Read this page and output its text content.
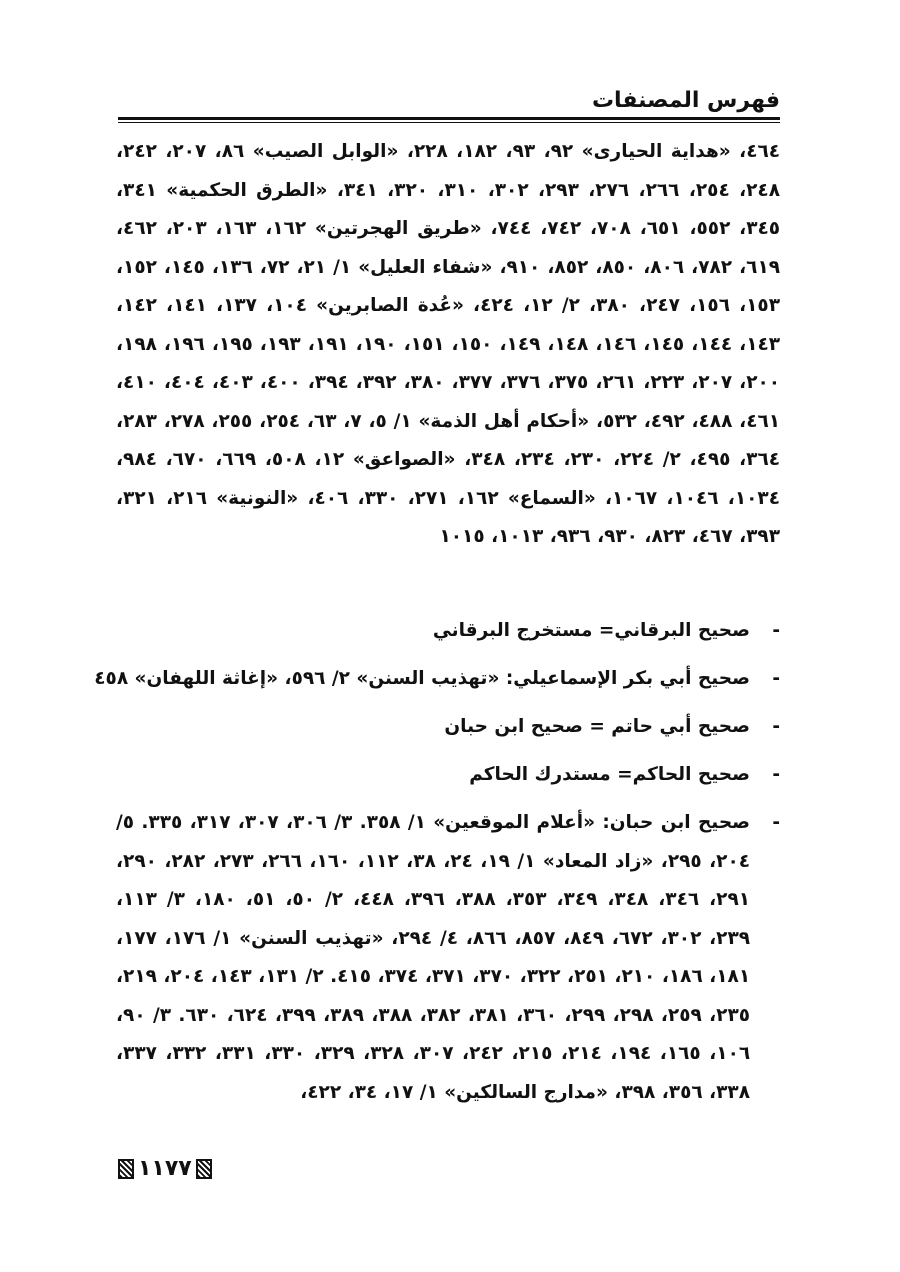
فهرس المصنفات
٤٦٤، «هداية الحيارى» ٩٢، ٩٣، ١٨٢، ٢٢٨، «الوابل الصيب» ٨٦، ٢٠٧، ٢٤٢، ٢٤٨، ٢٥٤، ٢٦٦، ٢٧٦، ٢٩٣، ٣٠٢، ٣١٠، ٣٢٠، ٣٤١، «الطرق الحكمية» ٣٤١، ٣٤٥، ٥٥٢، ٦٥١، ٧٠٨، ٧٤٢، ٧٤٤، «طريق الهجرتين» ١٦٢، ١٦٣، ٢٠٣، ٤٦٢، ٦١٩، ٧٨٢، ٨٠٦، ٨٥٠، ٨٥٢، ٩١٠، «شفاء العليل» ١/ ٢١، ٧٢، ١٣٦، ١٤٥، ١٥٢، ١٥٣، ١٥٦، ٢٤٧، ٣٨٠، ٢/ ١٢، ٤٢٤، «عُدة الصابرين» ١٠٤، ١٣٧، ١٤١، ١٤٢، ١٤٣، ١٤٤، ١٤٥، ١٤٦، ١٤٨، ١٤٩، ١٥٠، ١٥١، ١٩٠، ١٩١، ١٩٣، ١٩٥، ١٩٦، ١٩٨، ٢٠٠، ٢٠٧، ٢٢٣، ٢٦١، ٣٧٥، ٣٧٦، ٣٧٧، ٣٨٠، ٣٩٢، ٣٩٤، ٤٠٠، ٤٠٣، ٤٠٤، ٤١٠، ٤٦١، ٤٨٨، ٤٩٢، ٥٣٢، «أحكام أهل الذمة» ١/ ٥، ٧، ٦٣، ٢٥٤، ٢٥٥، ٢٧٨، ٢٨٣، ٣٦٤، ٤٩٥، ٢/ ٢٢٤، ٢٣٠، ٢٣٤، ٣٤٨، «الصواعق» ١٢، ٥٠٨، ٦٦٩، ٦٧٠، ٩٨٤، ١٠٣٤، ١٠٤٦، ١٠٦٧، «السماع» ١٦٢، ٢٧١، ٣٣٠، ٤٠٦، «النونية» ٢١٦، ٣٢١، ٣٩٣، ٤٦٧، ٨٢٣، ٩٣٠، ٩٣٦، ١٠١٣، ١٠١٥
-
صحيح البرقاني= مستخرج البرقاني
-
صحيح أبي بكر الإسماعيلي: «تهذيب السنن» ٢/ ٥٩٦، «إغاثة اللهفان» ٤٥٨
-
صحيح أبي حاتم = صحيح ابن حبان
-
صحيح الحاكم= مستدرك الحاكم
-
صحيح ابن حبان: «أعلام الموقعين» ١/ ٣٥٨. ٣/ ٣٠٦، ٣٠٧، ٣١٧، ٣٣٥. ٥/ ٢٠٤، ٢٩٥، «زاد المعاد» ١/ ١٩، ٢٤، ٣٨، ١١٢، ١٦٠، ٢٦٦، ٢٧٣، ٢٨٢، ٢٩٠، ٢٩١، ٣٤٦، ٣٤٨، ٣٤٩، ٣٥٣، ٣٨٨، ٣٩٦، ٤٤٨، ٢/ ٥٠، ٥١، ١٨٠، ٣/ ١١٣، ٢٣٩، ٣٠٢، ٦٧٢، ٨٤٩، ٨٥٧، ٨٦٦، ٤/ ٢٩٤، «تهذيب السنن» ١/ ١٧٦، ١٧٧، ١٨١، ١٨٦، ٢١٠، ٢٥١، ٣٢٢، ٣٧٠، ٣٧١، ٣٧٤، ٤١٥. ٢/ ١٣١، ١٤٣، ٢٠٤، ٢١٩، ٢٣٥، ٢٥٩، ٢٩٨، ٢٩٩، ٣٦٠، ٣٨١، ٣٨٢، ٣٨٨، ٣٨٩، ٣٩٩، ٦٢٤، ٦٣٠. ٣/ ٩٠، ١٠٦، ١٦٥، ١٩٤، ٢١٤، ٢١٥، ٢٤٢، ٣٠٧، ٣٢٨، ٣٢٩، ٣٣٠، ٣٣١، ٣٣٢، ٣٣٧، ٣٣٨، ٣٥٦، ٣٩٨، «مدارج السالكين» ١/ ١٧، ٣٤، ٤٢٢،
١١٧٧
